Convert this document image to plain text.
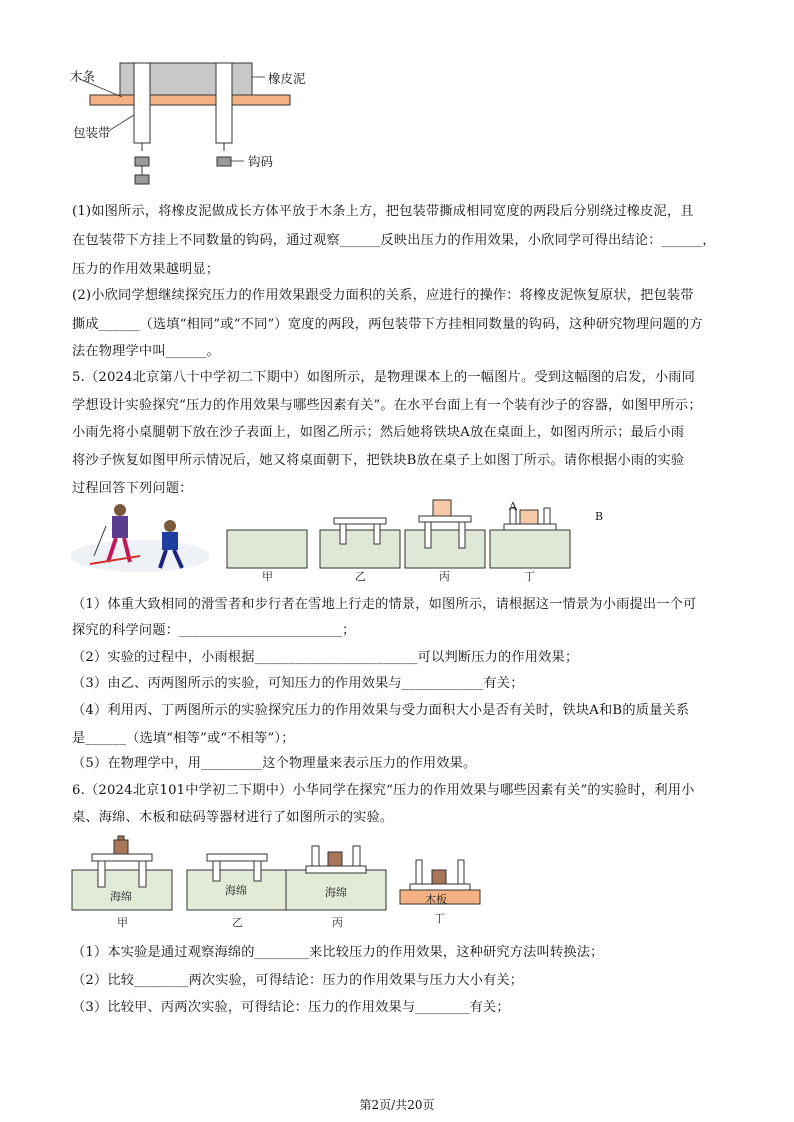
木条	橡皮泥
包装带
钩码
(1)如图所示，将橡皮泥做成长方体平放于木条上方，把包装带撕成相同宽度的两段后分别绕过橡皮泥，且
在包装带下方挂上不同数量的钩码，通过观察______反映出压力的作用效果，小欣同学可得出结论：______，
压力的作用效果越明显；
(2)小欣同学想继续探究压力的作用效果跟受力面积的关系，应进行的操作：将橡皮泥恢复原状，把包装带
撕成______（选填“相同”或“不同”）宽度的两段，两包装带下方挂相同数量的钩码，这种研究物理问题的方
法在物理学中叫______。
5.（2024北京第八十中学初二下期中）如图所示，是物理课本上的一幅图片。受到这幅图的启发，小雨同
学想设计实验探究“压力的作用效果与哪些因素有关”。在水平台面上有一个装有沙子的容器，如图甲所示；
小雨先将小桌腿朝下放在沙子表面上，如图乙所示；然后她将铁块A放在桌面上，如图丙所示；最后小雨
将沙子恢复如图甲所示情况后，她又将桌面朝下，把铁块B放在桌子上如图丁所示。请你根据小雨的实验
过程回答下列问题：
A
B
甲	乙	丙	丁
（1）体重大致相同的滑雪者和步行者在雪地上行走的情景，如图所示，请根据这一情景为小雨提出一个可
探究的科学问题：________________________；
（2）实验的过程中，小雨根据________________________可以判断压力的作用效果；
（3）由乙、丙两图所示的实验，可知压力的作用效果与____________有关；
（4）利用丙、丁两图所示的实验探究压力的作用效果与受力面积大小是否有关时，铁块A和B的质量关系
是______（选填“相等”或“不相等”）；
（5）在物理学中，用_________这个物理量来表示压力的作用效果。
6.（2024北京101中学初二下期中）小华同学在探究“压力的作用效果与哪些因素有关”的实验时，利用小
桌、海绵、木板和砝码等器材进行了如图所示的实验。
海绵	海绵	海绵
木板
甲	乙	丙	丁
（1）本实验是通过观察海绵的________来比较压力的作用效果，这种研究方法叫转换法；
（2）比较________两次实验，可得结论：压力的作用效果与压力大小有关；
（3）比较甲、丙两次实验，可得结论：压力的作用效果与________有关；
第2页/共20页
